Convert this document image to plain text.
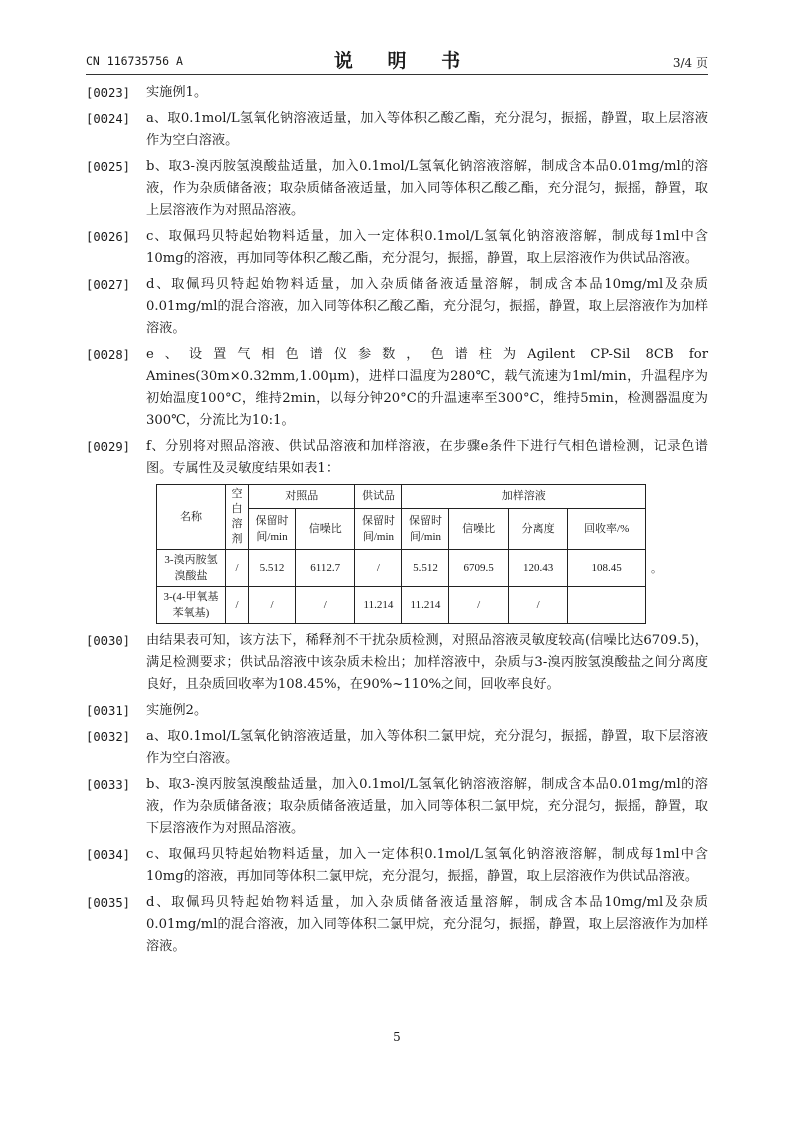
CN 116735756 A	说 明 书	3/4 页
[0023]	实施例1。
[0024]	a、取0.1mol/L氢氧化钠溶液适量，加入等体积乙酸乙酯，充分混匀，振摇，静置，取上层溶液作为空白溶液。
[0025]	b、取3-溴丙胺氢溴酸盐适量，加入0.1mol/L氢氧化钠溶液溶解，制成含本品0.01mg/ml的溶液，作为杂质储备液；取杂质储备液适量，加入同等体积乙酸乙酯，充分混匀，振摇，静置，取上层溶液作为对照品溶液。
[0026]	c、取佩玛贝特起始物料适量，加入一定体积0.1mol/L氢氧化钠溶液溶解，制成每1ml中含10mg的溶液，再加同等体积乙酸乙酯，充分混匀，振摇，静置，取上层溶液作为供试品溶液。
[0027]	d、取佩玛贝特起始物料适量，加入杂质储备液适量溶解，制成含本品10mg/ml及杂质0.01mg/ml的混合溶液，加入同等体积乙酸乙酯，充分混匀，振摇，静置，取上层溶液作为加样溶液。
[0028]	e、设置气相色谱仪参数，色谱柱为Agilent CP-Sil 8CB for Amines(30m×0.32mm,1.00μm)，进样口温度为280℃，载气流速为1ml/min，升温程序为初始温度100°C，维持2min，以每分钟20°C的升温速率至300°C，维持5min，检测器温度为300℃，分流比为10:1。
[0029]	f、分别将对照品溶液、供试品溶液和加样溶液，在步骤e条件下进行气相色谱检测，记录色谱图。专属性及灵敏度结果如表1：
名称	空白溶剂	对照品		供试品	加样溶液			
		保留时间/min	信噪比	保留时间/min	保留时间/min	信噪比	分离度	回收率/%
3-溴丙胺氢溴酸盐	/	5.512	6112.7	/	5.512	6709.5	120.43	108.45
3-(4-甲氧基苯氧基)	/	/	/	11.214	11.214	/	/	
。
[0030]	由结果表可知，该方法下，稀释剂不干扰杂质检测，对照品溶液灵敏度较高(信噪比达6709.5)，满足检测要求；供试品溶液中该杂质未检出；加样溶液中，杂质与3-溴丙胺氢溴酸盐之间分离度良好，且杂质回收率为108.45%，在90%~110%之间，回收率良好。
[0031]	实施例2。
[0032]	a、取0.1mol/L氢氧化钠溶液适量，加入等体积二氯甲烷，充分混匀，振摇，静置，取下层溶液作为空白溶液。
[0033]	b、取3-溴丙胺氢溴酸盐适量，加入0.1mol/L氢氧化钠溶液溶解，制成含本品0.01mg/ml的溶液，作为杂质储备液；取杂质储备液适量，加入同等体积二氯甲烷，充分混匀，振摇，静置，取下层溶液作为对照品溶液。
[0034]	c、取佩玛贝特起始物料适量，加入一定体积0.1mol/L氢氧化钠溶液溶解，制成每1ml中含10mg的溶液，再加同等体积二氯甲烷，充分混匀，振摇，静置，取上层溶液作为供试品溶液。
[0035]	d、取佩玛贝特起始物料适量，加入杂质储备液适量溶解，制成含本品10mg/ml及杂质0.01mg/ml的混合溶液，加入同等体积二氯甲烷，充分混匀，振摇，静置，取上层溶液作为加样溶液。
5
